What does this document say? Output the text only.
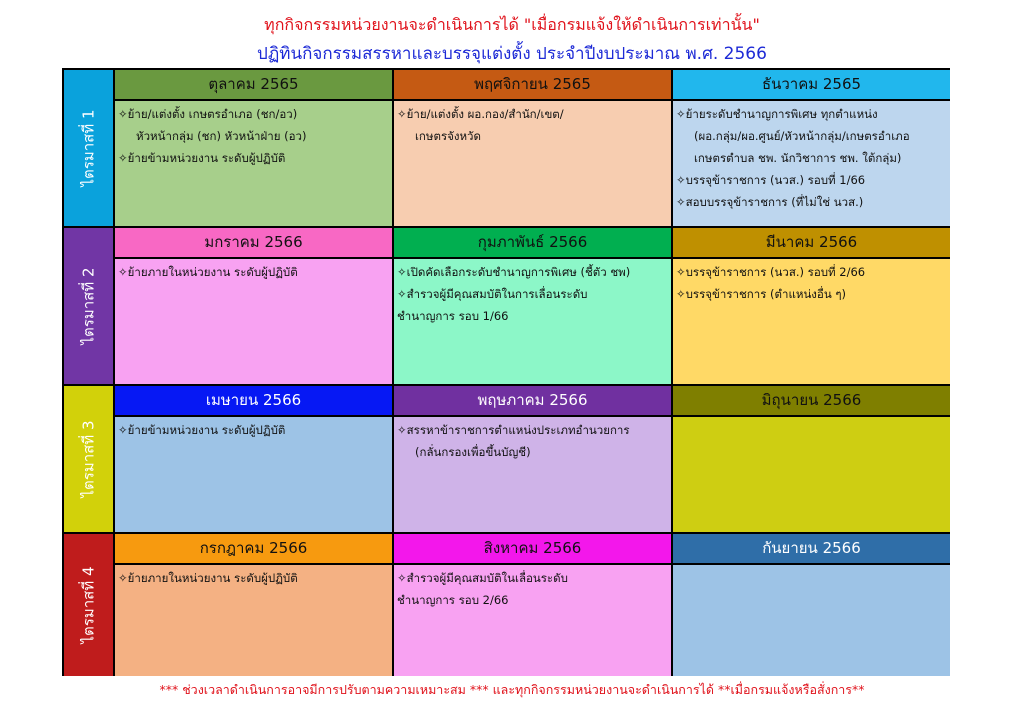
ทุกกิจกรรมหน่วยงานจะดำเนินการได้ "เมื่อกรมแจ้งให้ดำเนินการเท่านั้น"
ปฏิทินกิจกรรมสรรหาและบรรจุแต่งตั้ง ประจำปีงบประมาณ พ.ศ. 2566
ไตรมาสที่ 1
ตุลาคม 2565

✧ย้าย/แต่งตั้ง เกษตรอำเภอ (ชก/อว)

หัวหน้ากลุ่ม (ชก) หัวหน้าฝ่าย (อว)

✧ย้ายข้ามหน่วยงาน ระดับผู้ปฏิบัติ

พฤศจิกายน 2565

✧ย้าย/แต่งตั้ง ผอ.กอง/สำนัก/เขต/

เกษตรจังหวัด

ธันวาคม 2565

✧ย้ายระดับชำนาญการพิเศษ ทุกตำแหน่ง

(ผอ.กลุ่ม/ผอ.ศูนย์/หัวหน้ากลุ่ม/เกษตรอำเภอ

เกษตรตำบล ชพ. นักวิชาการ ชพ. ใต้กลุ่ม)

✧บรรจุข้าราชการ (นวส.) รอบที่ 1/66

✧สอบบรรจุข้าราชการ (ที่ไม่ใช่ นวส.)

ไตรมาสที่ 2
มกราคม 2566

✧ย้ายภายในหน่วยงาน ระดับผู้ปฏิบัติ

กุมภาพันธ์ 2566

✧เปิดคัดเลือกระดับชำนาญการพิเศษ (ชี้ตัว ชพ)

✧สำรวจผู้มีคุณสมบัติในการเลื่อนระดับ

ชำนาญการ รอบ 1/66

มีนาคม 2566

✧บรรจุข้าราชการ (นวส.) รอบที่ 2/66

✧บรรจุข้าราชการ (ตำแหน่งอื่น ๆ)

ไตรมาสที่ 3
เมษายน 2566

✧ย้ายข้ามหน่วยงาน ระดับผู้ปฏิบัติ

พฤษภาคม 2566

✧สรรหาข้าราชการตำแหน่งประเภทอำนวยการ

(กลั่นกรองเพื่อขึ้นบัญชี)

มิถุนายน 2566
ไตรมาสที่ 4
กรกฎาคม 2566

✧ย้ายภายในหน่วยงาน ระดับผู้ปฏิบัติ

สิงหาคม 2566

✧สำรวจผู้มีคุณสมบัติในเลื่อนระดับ

ชำนาญการ รอบ 2/66

กันยายน 2566
*** ช่วงเวลาดำเนินการอาจมีการปรับตามความเหมาะสม *** และทุกกิจกรรมหน่วยงานจะดำเนินการได้ **เมื่อกรมแจ้งหรือสั่งการ**
